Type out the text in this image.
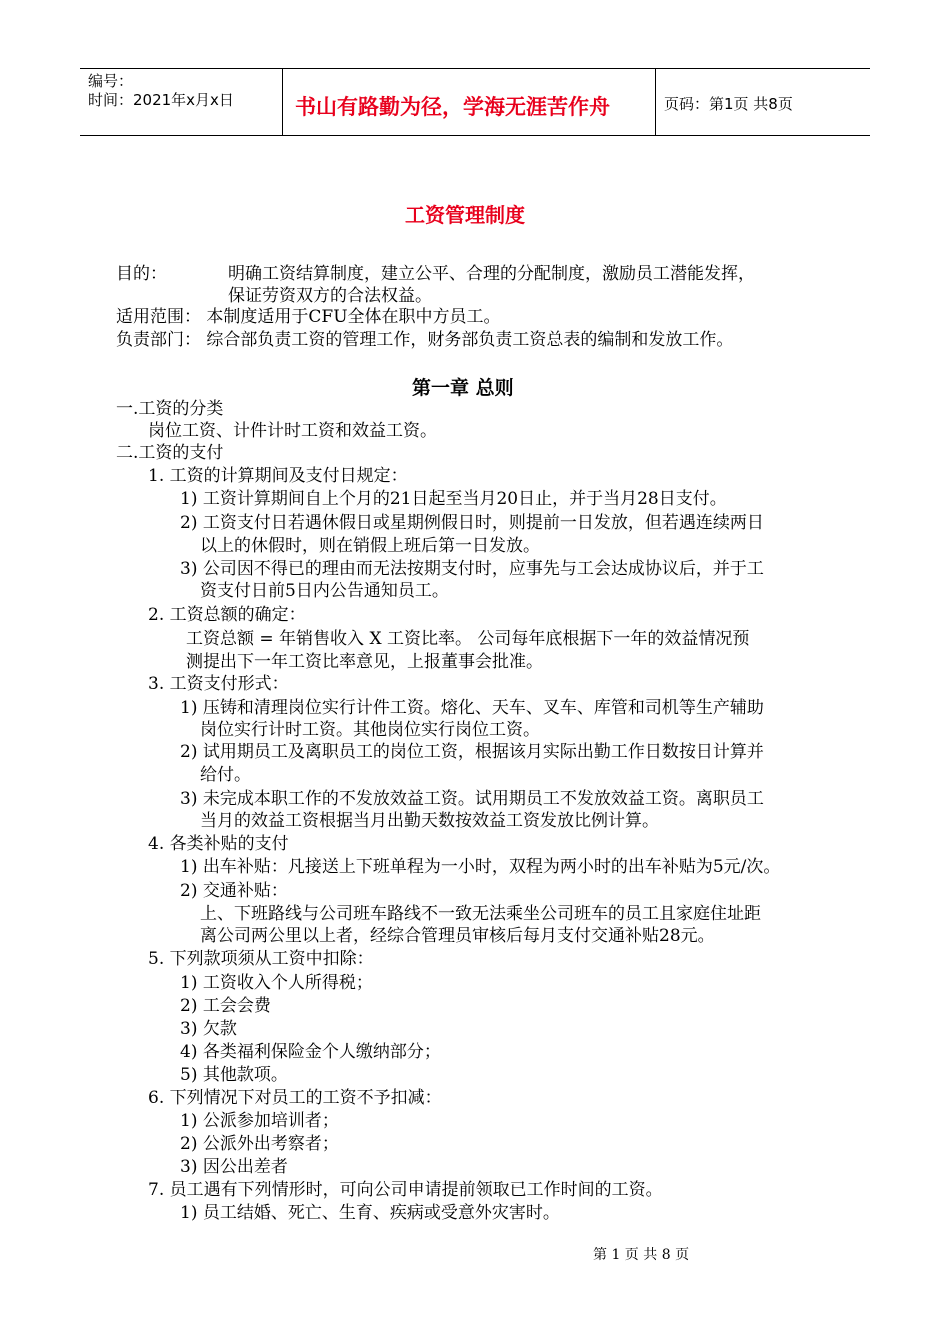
编号：
时间：2021年x月x日	书山有路勤为径，学海无涯苦作舟	页码：第1页 共8页
工资管理制度
目的：	明确工资结算制度，建立公平、合理的分配制度，激励员工潜能发挥，
保证劳资双方的合法权益。
适用范围： 本制度适用于CFU全体在职中方员工。
负责部门： 综合部负责工资的管理工作，财务部负责工资总表的编制和发放工作。
第一章 总则
一.工资的分类
岗位工资、计件计时工资和效益工资。
二.工资的支付
1. 工资的计算期间及支付日规定：
1) 工资计算期间自上个月的21日起至当月20日止，并于当月28日支付。
2) 工资支付日若遇休假日或星期例假日时，则提前一日发放，但若遇连续两日
以上的休假时，则在销假上班后第一日发放。
3) 公司因不得已的理由而无法按期支付时，应事先与工会达成协议后，并于工
资支付日前5日内公告通知员工。
2. 工资总额的确定：
工资总额 = 年销售收入 X 工资比率。 公司每年底根据下一年的效益情况预
测提出下一年工资比率意见，上报董事会批准。
3. 工资支付形式：
1) 压铸和清理岗位实行计件工资。熔化、天车、叉车、库管和司机等生产辅助
岗位实行计时工资。其他岗位实行岗位工资。
2) 试用期员工及离职员工的岗位工资，根据该月实际出勤工作日数按日计算并
给付。
3) 未完成本职工作的不发放效益工资。试用期员工不发放效益工资。离职员工
当月的效益工资根据当月出勤天数按效益工资发放比例计算。
4. 各类补贴的支付
1) 出车补贴：凡接送上下班单程为一小时，双程为两小时的出车补贴为5元/次。
2) 交通补贴：
上、下班路线与公司班车路线不一致无法乘坐公司班车的员工且家庭住址距
离公司两公里以上者，经综合管理员审核后每月支付交通补贴28元。
5. 下列款项须从工资中扣除：
1) 工资收入个人所得税；
2) 工会会费
3) 欠款
4) 各类福利保险金个人缴纳部分；
5) 其他款项。
6. 下列情况下对员工的工资不予扣减：
1) 公派参加培训者；
2) 公派外出考察者；
3) 因公出差者
7. 员工遇有下列情形时，可向公司申请提前领取已工作时间的工资。
1) 员工结婚、死亡、生育、疾病或受意外灾害时。
第 1 页 共 8 页
